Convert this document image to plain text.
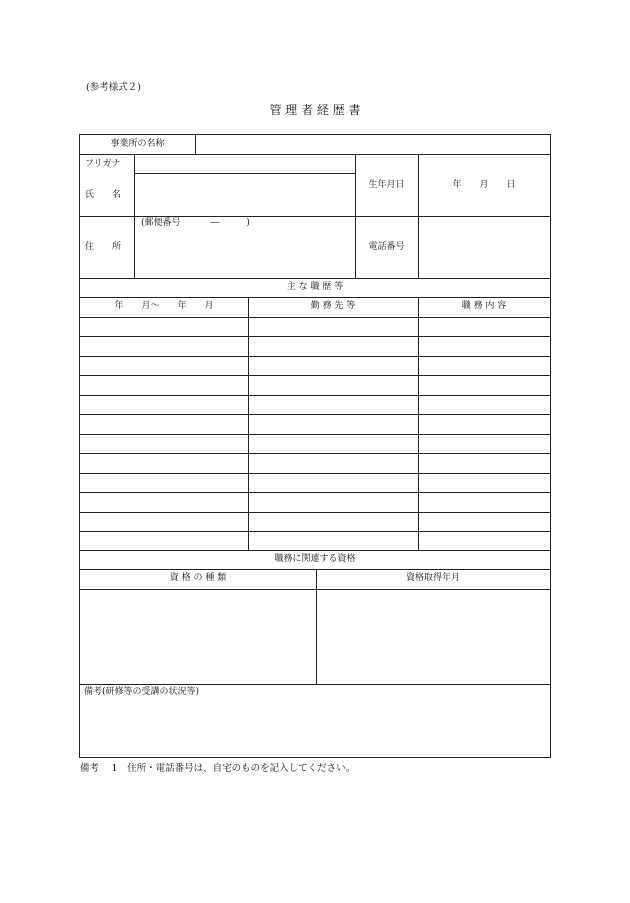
(参考様式２)
管 理 者 経 歴 書
事業所の名称
フリガナ
氏　　名
生年月日	年　　月　　日
(郵便番号　　　 ―　　　)
住　　所	電話番号
主 な 職 歴 等
年　　月～　　年　　月	勤 務 先 等	職 務 内 容
職務に関連する資格
資 格 の 種 類	資格取得年月
備考(研修等の受講の状況等)
備考　 1　住所・電話番号は、自宅のものを記入してください。
